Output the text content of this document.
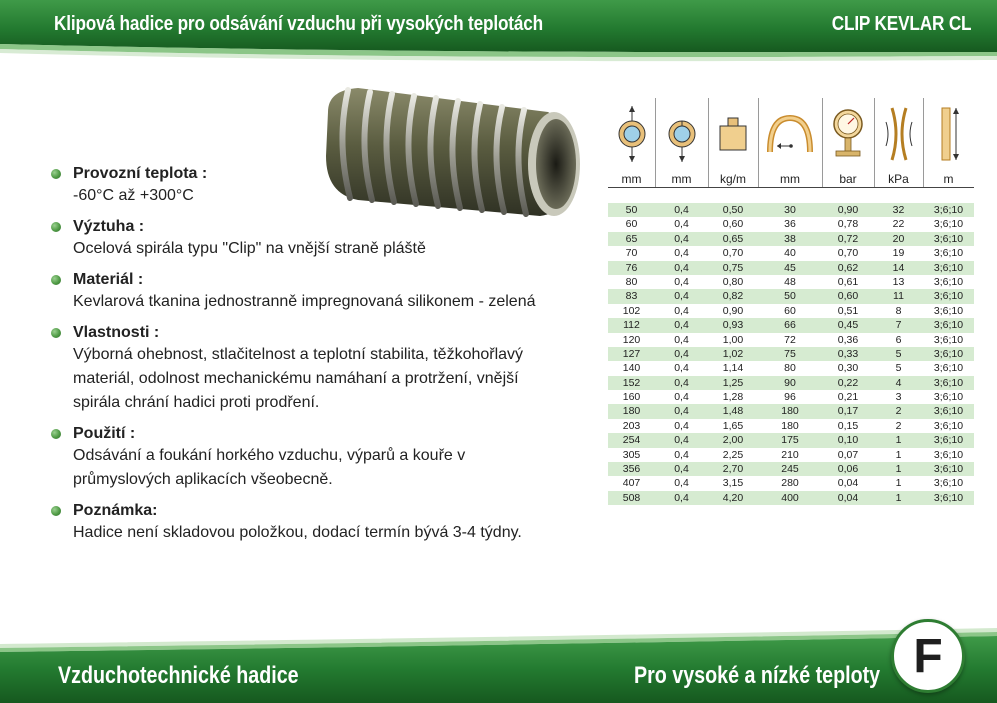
Klipová hadice pro odsávání vzduchu při vysokých teplotách	CLIP KEVLAR CL
Provozní teplota :
-60°C až +300°C
Výztuha :
Ocelová spirála typu "Clip" na vnější straně pláště
Materiál :
Kevlarová tkanina jednostranně impregnovaná silikonem - zelená
Vlastnosti :
Výborná ohebnost, stlačitelnost a teplotní stabilita, těžkohořlavý materiál, odolnost mechanickému namáhaní a protržení, vnější spirála chrání hadici proti prodření.
Použití :
Odsávání a foukání horkého vzduchu, výparů a kouře v průmyslových aplikacích všeobecně.
Poznámka:
Hadice není skladovou položkou, dodací termín bývá 3-4 týdny.
mm	mm	kg/m	mm	bar	kPa	m
50	0,4	0,50	30	0,90	32	3;6;10
60	0,4	0,60	36	0,78	22	3;6;10
65	0,4	0,65	38	0,72	20	3;6;10
70	0,4	0,70	40	0,70	19	3;6;10
76	0,4	0,75	45	0,62	14	3;6;10
80	0,4	0,80	48	0,61	13	3;6;10
83	0,4	0,82	50	0,60	11	3;6;10
102	0,4	0,90	60	0,51	8	3;6;10
112	0,4	0,93	66	0,45	7	3;6;10
120	0,4	1,00	72	0,36	6	3;6;10
127	0,4	1,02	75	0,33	5	3;6;10
140	0,4	1,14	80	0,30	5	3;6;10
152	0,4	1,25	90	0,22	4	3;6;10
160	0,4	1,28	96	0,21	3	3;6;10
180	0,4	1,48	180	0,17	2	3;6;10
203	0,4	1,65	180	0,15	2	3;6;10
254	0,4	2,00	175	0,10	1	3;6;10
305	0,4	2,25	210	0,07	1	3;6;10
356	0,4	2,70	245	0,06	1	3;6;10
407	0,4	3,15	280	0,04	1	3;6;10
508	0,4	4,20	400	0,04	1	3;6;10
Vzduchotechnické hadice	Pro vysoké a nízké teploty F
